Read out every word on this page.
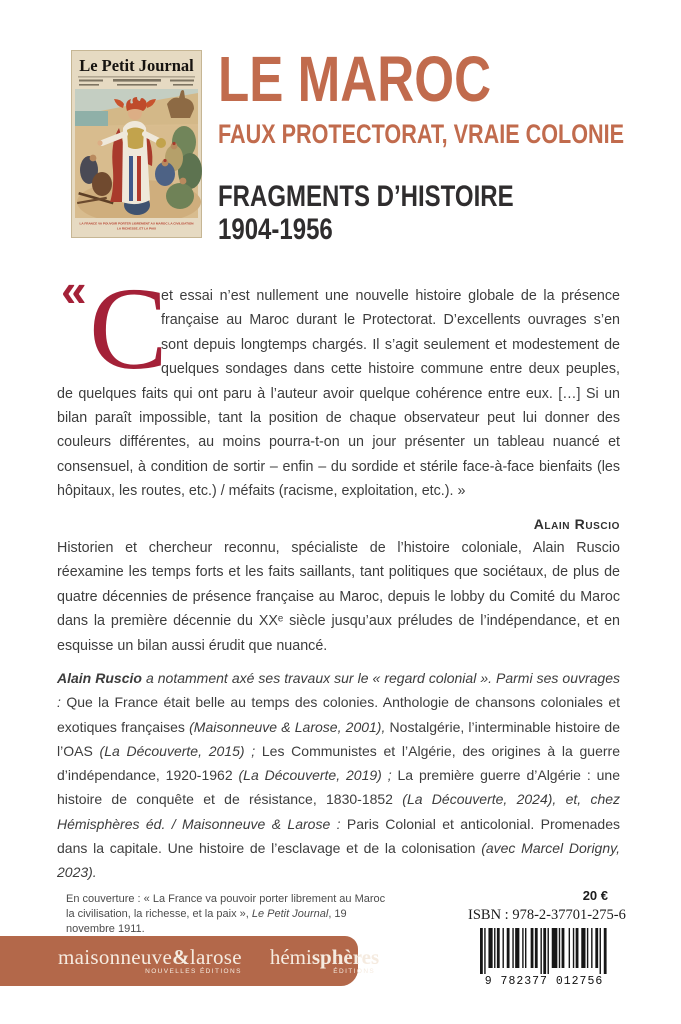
Le Petit Journal
LA FRANCE VA POUVOIR PORTER LIBREMENT AU MAROC LA CIVILISATION
LA RICHESSE, ET LA PAIX
LE MAROC
FAUX PROTECTORAT, VRAIE COLONIE
FRAGMENTS D’HISTOIRE
1904-1956

« C
et essai n’est nullement une nouvelle histoire globale de la présence française au Maroc durant le Protectorat. D’excellents ouvrages s’en sont depuis longtemps chargés. Il s’agit seulement et modestement de quelques sondages dans cette histoire commune entre deux peuples, de quelques faits qui ont paru à l’auteur avoir quelque cohérence entre eux. […] Si un bilan paraît impossible, tant la position de chaque observateur peut lui donner des couleurs différentes, au moins pourra-t-on un jour présenter un tableau nuancé et consensuel, à condition de sortir – enfin – du sordide et stérile face-à-face bienfaits (les hôpitaux, les routes, etc.) / méfaits (racisme, exploitation, etc.). »

Alain Ruscio

Historien et chercheur reconnu, spécialiste de l’histoire coloniale, Alain Ruscio réexamine les temps forts et les faits saillants, tant politiques que sociétaux, de plus de quatre décennies de présence française au Maroc, depuis le lobby du Comité du Maroc dans la première décennie du XXᵉ siècle jusqu’aux préludes de l’indépendance, et en esquisse un bilan aussi érudit que nuancé.

Alain Ruscio a notamment axé ses travaux sur le « regard colonial ». Parmi ses ouvrages : Que la France était belle au temps des colonies. Anthologie de chansons coloniales et exotiques françaises (Maisonneuve & Larose, 2001), Nostalgérie, l’interminable histoire de l’OAS (La Découverte, 2015) ; Les Communistes et l’Algérie, des origines à la guerre d’indépendance, 1920-1962 (La Découverte, 2019) ; La première guerre d’Algérie : une histoire de conquête et de résistance, 1830-1852 (La Découverte, 2024), et, chez Hémisphères éd. / Maisonneuve & Larose : Paris Colonial et anticolonial. Promenades dans la capitale. Une histoire de l’esclavage et de la colonisation (avec Marcel Dorigny, 2023).

En couverture : « La France va pouvoir porter librement au Maroc la civilisation, la richesse, et la paix », Le Petit Journal, 19 novembre 1911.
maisonneuve&larose
NOUVELLES ÉDITIONS
hémisphères
ÉDITIONS
20 €
ISBN : 978-2-37701-275-6
9 782377 012756
